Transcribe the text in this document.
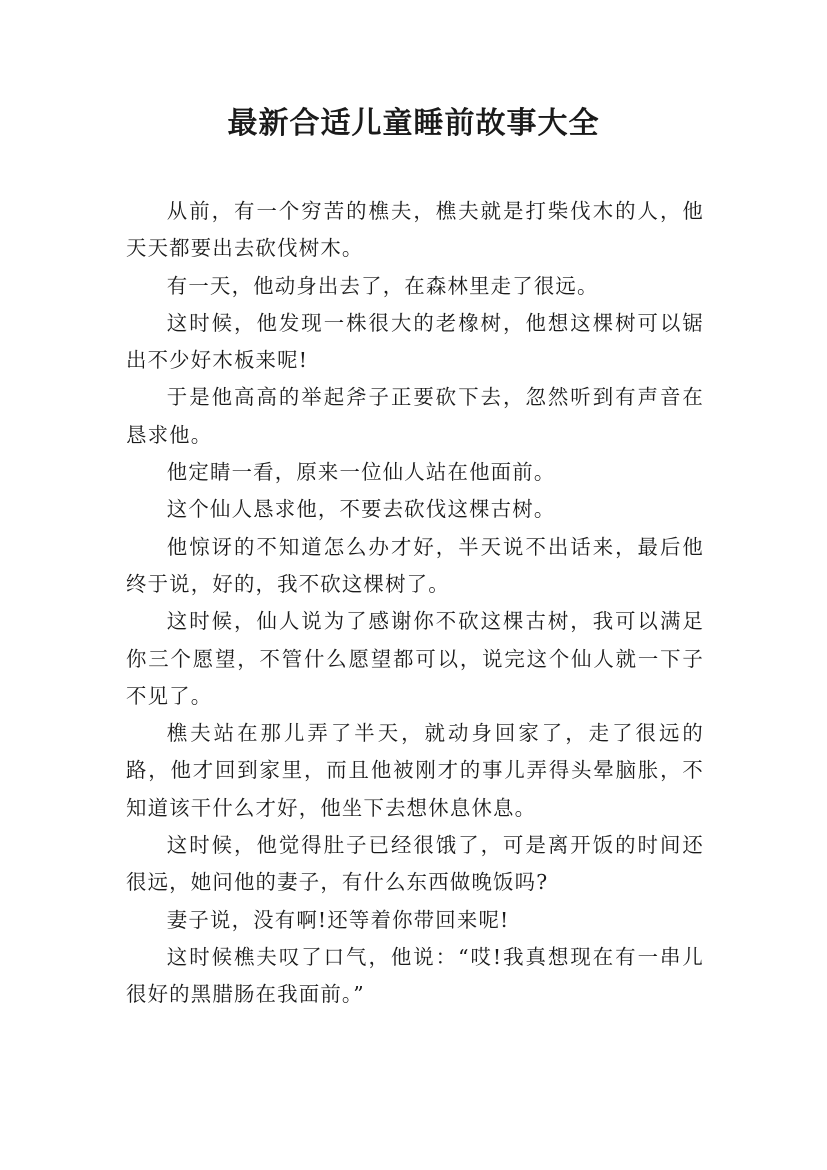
最新合适儿童睡前故事大全

从前，有一个穷苦的樵夫，樵夫就是打柴伐木的人，他天天都要出去砍伐树木。

有一天，他动身出去了，在森林里走了很远。

这时候，他发现一株很大的老橡树，他想这棵树可以锯出不少好木板来呢!

于是他高高的举起斧子正要砍下去，忽然听到有声音在恳求他。

他定睛一看，原来一位仙人站在他面前。

这个仙人恳求他，不要去砍伐这棵古树。

他惊讶的不知道怎么办才好，半天说不出话来，最后他终于说，好的，我不砍这棵树了。

这时候，仙人说为了感谢你不砍这棵古树，我可以满足你三个愿望，不管什么愿望都可以，说完这个仙人就一下子不见了。

樵夫站在那儿弄了半天，就动身回家了，走了很远的路，他才回到家里，而且他被刚才的事儿弄得头晕脑胀，不知道该干什么才好，他坐下去想休息休息。

这时候，他觉得肚子已经很饿了，可是离开饭的时间还很远，她问他的妻子，有什么东西做晚饭吗?

妻子说，没有啊!还等着你带回来呢!

这时候樵夫叹了口气，他说：“哎!我真想现在有一串儿很好的黑腊肠在我面前。”
